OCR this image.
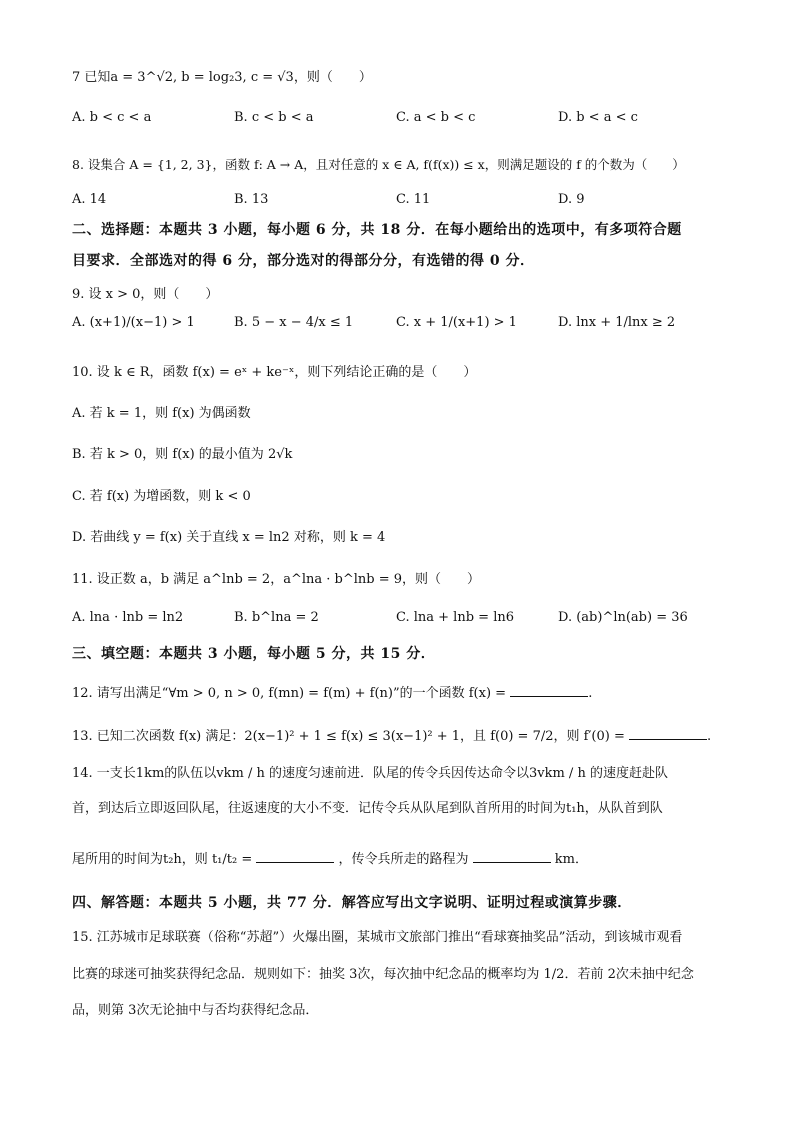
7 已知a = 3^√2, b = log₂3, c = √3，则（　　）
A. b < c < a	B. c < b < a	C. a < b < c	D. b < a < c
8. 设集合 A = {1, 2, 3}，函数 f: A → A，且对任意的 x ∈ A, f(f(x)) ≤ x，则满足题设的 f 的个数为（　　）
A. 14	B. 13	C. 11	D. 9
二、选择题：本题共 3 小题，每小题 6 分，共 18 分．在每小题给出的选项中，有多项符合题
目要求．全部选对的得 6 分，部分选对的得部分分，有选错的得 0 分．
9. 设 x > 0，则（　　）
A. (x+1)/(x−1) > 1	B. 5 − x − 4/x ≤ 1	C. x + 1/(x+1) > 1	D. lnx + 1/lnx ≥ 2
10. 设 k ∈ R，函数 f(x) = eˣ + ke⁻ˣ，则下列结论正确的是（　　）
A. 若 k = 1，则 f(x) 为偶函数
B. 若 k > 0，则 f(x) 的最小值为 2√k
C. 若 f(x) 为增函数，则 k < 0
D. 若曲线 y = f(x) 关于直线 x = ln2 对称，则 k = 4
11. 设正数 a，b 满足 a^lnb = 2，a^lna · b^lnb = 9，则（　　）
A. lna · lnb = ln2	B. b^lna = 2	C. lna + lnb = ln6	D. (ab)^ln(ab) = 36
三、填空题：本题共 3 小题，每小题 5 分，共 15 分．
12. 请写出满足“∀m > 0, n > 0, f(mn) = f(m) + f(n)”的一个函数 f(x) =	.
13. 已知二次函数 f(x) 满足：2(x−1)² + 1 ≤ f(x) ≤ 3(x−1)² + 1，且 f(0) = 7/2，则 f′(0) =	.
14. 一支长1km的队伍以vkm / h 的速度匀速前进．队尾的传令兵因传达命令以3vkm / h 的速度赶赴队
首，到达后立即返回队尾，往返速度的大小不变．记传令兵从队尾到队首所用的时间为t₁h，从队首到队
尾所用的时间为t₂h，则 t₁/t₂ =	，传令兵所走的路程为	km．
四、解答题：本题共 5 小题，共 77 分．解答应写出文字说明、证明过程或演算步骤．
15. 江苏城市足球联赛（俗称“苏超”）火爆出圈，某城市文旅部门推出“看球赛抽奖品”活动，到该城市观看
比赛的球迷可抽奖获得纪念品．规则如下：抽奖 3次，每次抽中纪念品的概率均为 1/2．若前 2次未抽中纪念
品，则第 3次无论抽中与否均获得纪念品．
